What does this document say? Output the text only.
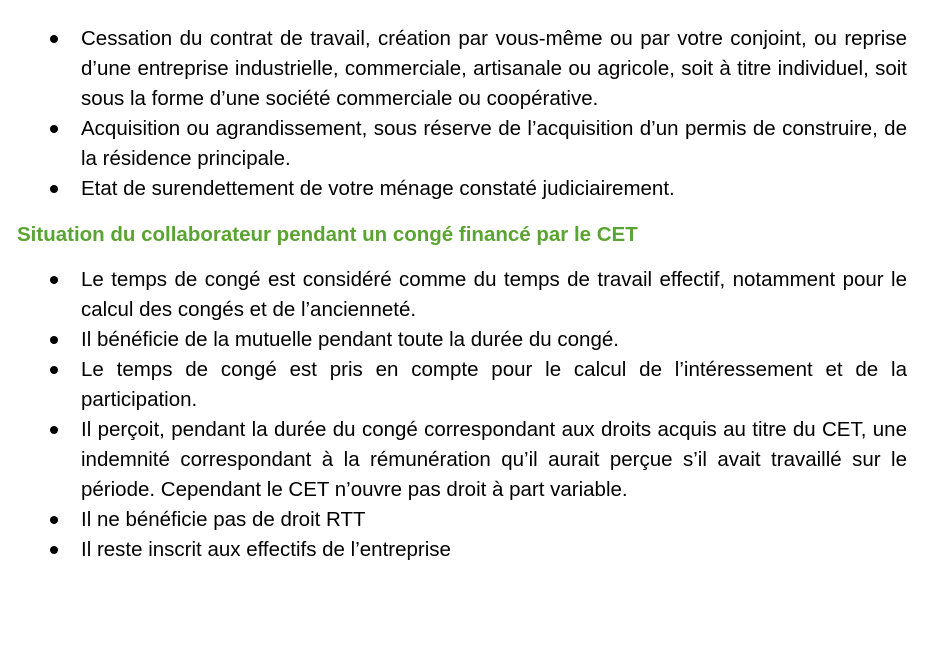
Cessation du contrat de travail, création par vous-même ou par votre conjoint, ou reprise d’une entreprise industrielle, commerciale, artisanale ou agricole, soit à titre individuel, soit sous la forme d’une société commerciale ou coopérative.
Acquisition ou agrandissement, sous réserve de l’acquisition d’un permis de construire, de la résidence principale.
Etat de surendettement de votre ménage constaté judiciairement.
Situation du collaborateur pendant un congé financé par le CET
Le temps de congé est considéré comme du temps de travail effectif, notamment pour le calcul des congés et de l’ancienneté.
Il bénéficie de la mutuelle pendant toute la durée du congé.
Le temps de congé est pris en compte pour le calcul de l’intéressement et de la participation.
Il perçoit, pendant la durée du congé correspondant aux droits acquis au titre du CET, une indemnité correspondant à la rémunération qu’il aurait perçue s’il avait travaillé sur le période. Cependant le CET n’ouvre pas droit à part variable.
Il ne bénéficie pas de droit RTT
Il reste inscrit aux effectifs de l’entreprise
